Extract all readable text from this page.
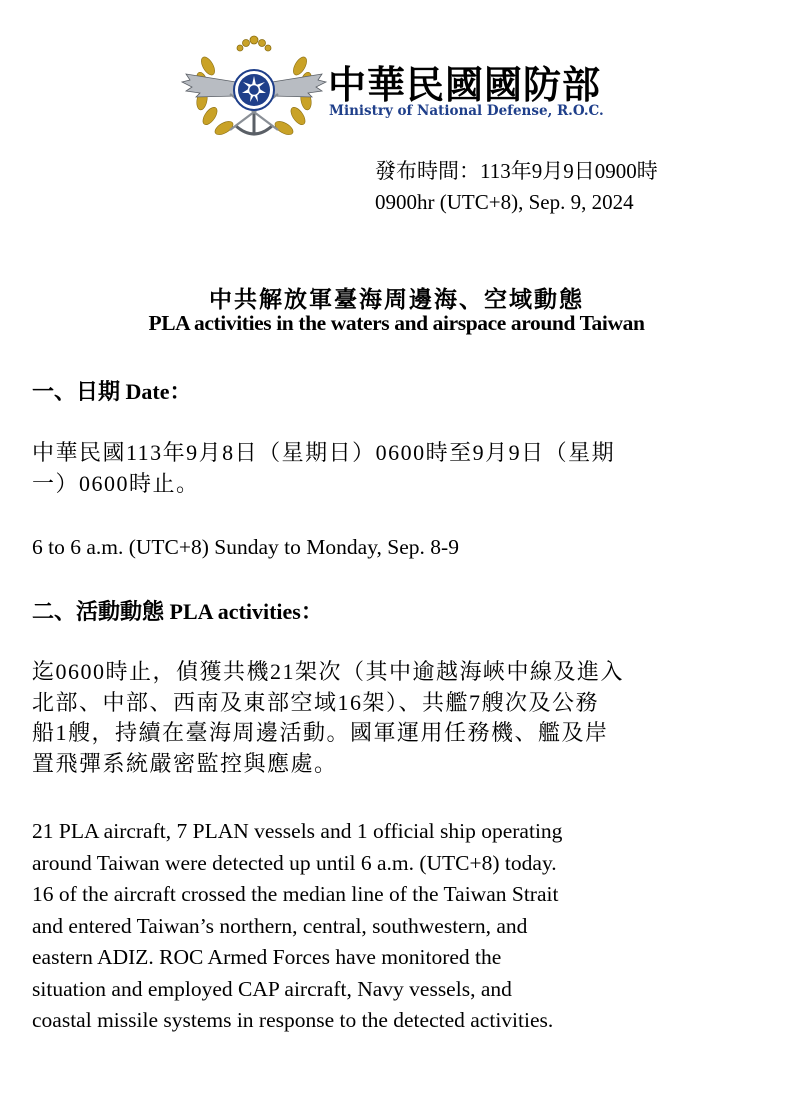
中華民國國防部
Ministry of National Defense, R.O.C.
發布時間：113年9月9日0900時
0900hr (UTC+8), Sep. 9, 2024
中共解放軍臺海周邊海、空域動態
PLA activities in the waters and airspace around Taiwan
一、日期 Date：
中華民國113年9月8日（星期日）0600時至9月9日（星期
一）0600時止。
6 to 6 a.m. (UTC+8) Sunday to Monday, Sep. 8-9
二、活動動態 PLA activities：
迄0600時止，偵獲共機21架次（其中逾越海峽中線及進入
北部、中部、西南及東部空域16架）、共艦7艘次及公務
船1艘，持續在臺海周邊活動。國軍運用任務機、艦及岸
置飛彈系統嚴密監控與應處。
21 PLA aircraft, 7 PLAN vessels and 1 official ship operating
around Taiwan were detected up until 6 a.m. (UTC+8) today.
16 of the aircraft crossed the median line of the Taiwan Strait
and entered Taiwan’s northern, central, southwestern, and
eastern ADIZ. ROC Armed Forces have monitored the
situation and employed CAP aircraft, Navy vessels, and
coastal missile systems in response to the detected activities.
